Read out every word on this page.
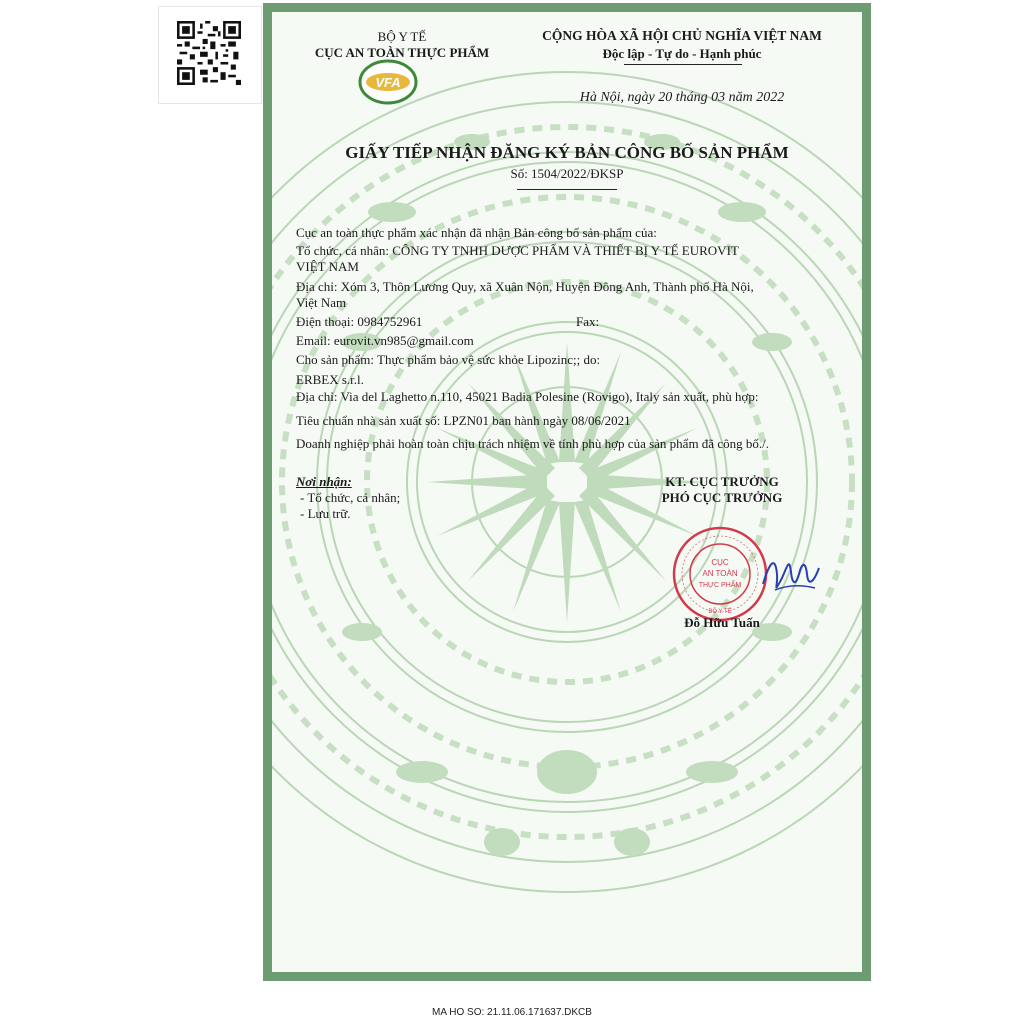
BỘ Y TẾ
CỤC AN TOÀN THỰC PHẨM
VFA
CỘNG HÒA XÃ HỘI CHỦ NGHĨA VIỆT NAM
Độc lập - Tự do - Hạnh phúc
Hà Nội, ngày 20 tháng 03 năm 2022
GIẤY TIẾP NHẬN ĐĂNG KÝ BẢN CÔNG BỐ SẢN PHẨM
Số: 1504/2022/ĐKSP
Cục an toàn thực phẩm xác nhận đã nhận Bản công bố sản phẩm của:
Tổ chức, cá nhân: CÔNG TY TNHH DƯỢC PHẨM VÀ THIẾT BỊ Y TẾ EUROVIT
VIỆT NAM
Địa chỉ: Xóm 3, Thôn Lương Quy, xã Xuân Nộn, Huyện Đông Anh, Thành phố Hà Nội,
Việt Nam
Điện thoại: 0984752961	Fax:
Email: eurovit.vn985@gmail.com
Cho sản phẩm: Thực phẩm bảo vệ sức khỏe Lipozinc;; do:
ERBEX s.r.l.
Địa chỉ: Via del Laghetto n.110, 45021 Badia Polesine (Rovigo), Italy sản xuất, phù hợp:
Tiêu chuẩn nhà sản xuất số: LPZN01 ban hành ngày 08/06/2021
Doanh nghiệp phải hoàn toàn chịu trách nhiệm về tính phù hợp của sản phẩm đã công bố./.
Nơi nhận:
- Tổ chức, cá nhân;
- Lưu trữ.
KT. CỤC TRƯỞNG
PHÓ CỤC TRƯỞNG
CỤC
AN TOÀN
THỰC PHẨM
BỘ Y TẾ
Đỗ Hữu Tuấn
MA HO SO: 21.11.06.171637.DKCB
